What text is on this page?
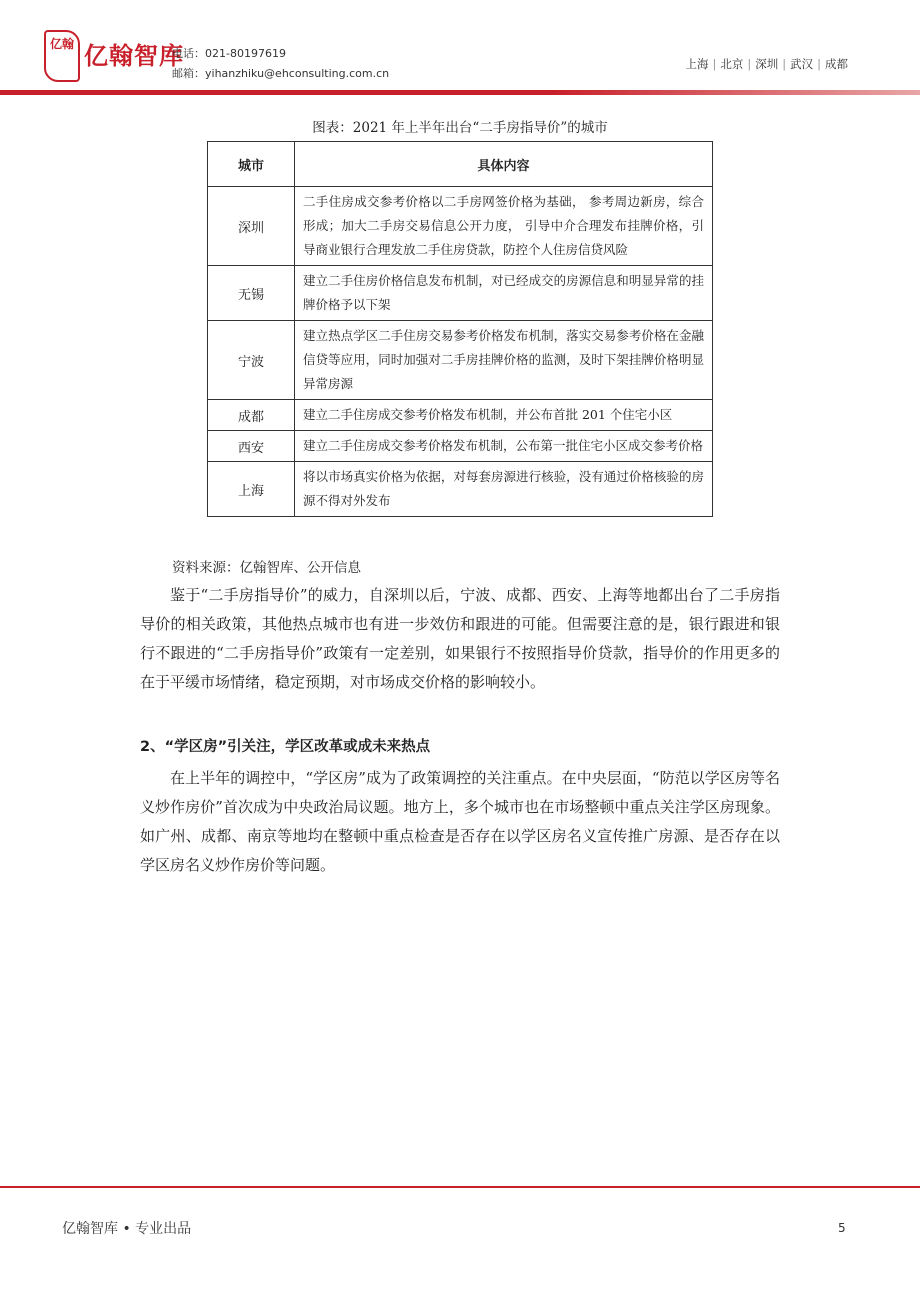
亿翰 亿翰智库
电话：021-80197619
邮箱：yihanzhiku@ehconsulting.com.cn
上海 | 北京 | 深圳 | 武汉 | 成都
图表：2021 年上半年出台“二手房指导价”的城市
城市	具体内容
深圳	二手住房成交参考价格以二手房网签价格为基础， 参考周边新房，综合形成；加大二手房交易信息公开力度， 引导中介合理发布挂牌价格，引导商业银行合理发放二手住房贷款，防控个人住房信贷风险
无锡	建立二手住房价格信息发布机制，对已经成交的房源信息和明显异常的挂牌价格予以下架
宁波	建立热点学区二手住房交易参考价格发布机制，落实交易参考价格在金融信贷等应用，同时加强对二手房挂牌价格的监测，及时下架挂牌价格明显异常房源
成都	建立二手住房成交参考价格发布机制，并公布首批 201 个住宅小区
西安	建立二手住房成交参考价格发布机制，公布第一批住宅小区成交参考价格
上海	将以市场真实价格为依据，对每套房源进行核验，没有通过价格核验的房源不得对外发布
资料来源：亿翰智库、公开信息

鉴于“二手房指导价”的威力，自深圳以后，宁波、成都、西安、上海等地都出台了二手房指导价的相关政策，其他热点城市也有进一步效仿和跟进的可能。但需要注意的是，银行跟进和银行不跟进的“二手房指导价”政策有一定差别，如果银行不按照指导价贷款，指导价的作用更多的在于平缓市场情绪，稳定预期，对市场成交价格的影响较小。

2、“学区房”引关注，学区改革或成未来热点

在上半年的调控中，“学区房”成为了政策调控的关注重点。在中央层面，“防范以学区房等名义炒作房价”首次成为中央政治局议题。地方上，多个城市也在市场整顿中重点关注学区房现象。如广州、成都、南京等地均在整顿中重点检查是否存在以学区房名义宣传推广房源、是否存在以学区房名义炒作房价等问题。

亿翰智库 • 专业出品	5
